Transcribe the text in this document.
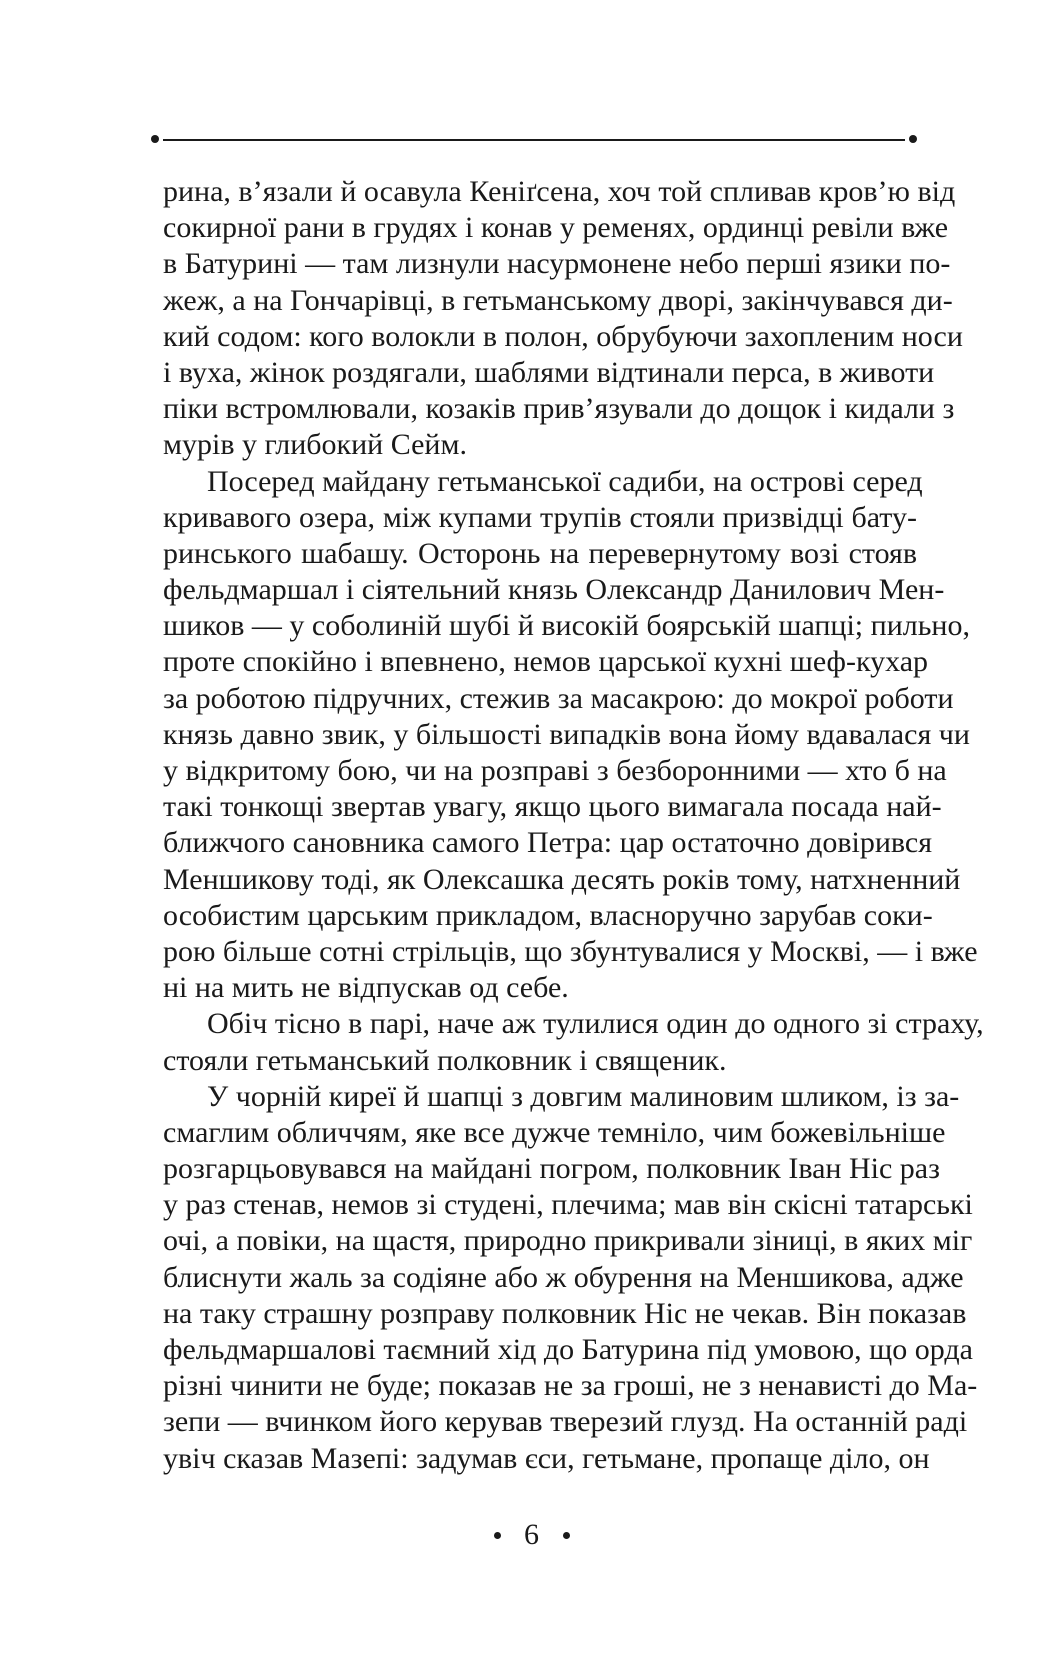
рина, в’язали й осавула Кеніґсена, хоч той спливав кров’ю від
сокирної рани в грудях і конав у ременях, ординці ревіли вже
в Батурині — там лизнули насурмонене небо перші язики по-
жеж, а на Гончарівці, в гетьманському дворі, закінчувався ди-
кий содом: кого волокли в полон, обрубуючи захопленим носи
і вуха, жінок роздягали, шаблями відтинали перса, в животи
піки встромлювали, козаків прив’язували до дощок і кидали з
мурів у глибокий Сейм.
Посеред майдану гетьманської садиби, на острові серед
кривавого озера, між купами трупів стояли призвідці бату-
ринського шабашу. Осторонь на перевернутому возі стояв
фельдмаршал і сіятельний князь Олександр Данилович Мен-
шиков — у соболиній шубі й високій боярській шапці; пильно,
проте спокійно і впевнено, немов царської кухні шеф-кухар
за роботою підручних, стежив за масакрою: до мокрої роботи
князь давно звик, у більшості випадків вона йому вдавалася чи
у відкритому бою, чи на розправі з безборонними — хто б на
такі тонкощі звертав увагу, якщо цього вимагала посада най-
ближчого сановника самого Петра: цар остаточно довірився
Меншикову тоді, як Олексашка десять років тому, натхненний
особистим царським прикладом, власноручно зарубав соки-
рою більше сотні стрільців, що збунтувалися у Москві, — і вже
ні на мить не відпускав од себе.
Обіч тісно в парі, наче аж тулилися один до одного зі страху,
стояли гетьманський полковник і священик.
У чорній киреї й шапці з довгим малиновим шликом, із за-
смаглим обличчям, яке все дужче темніло, чим божевільніше
розгарцьовувався на майдані погром, полковник Іван Ніс раз
у раз стенав, немов зі студені, плечима; мав він скісні татарські
очі, а повіки, на щастя, природно прикривали зіниці, в яких міг
блиснути жаль за содіяне або ж обурення на Меншикова, адже
на таку страшну розправу полковник Ніс не чекав. Він показав
фельдмаршалові таємний хід до Батурина під умовою, що орда
різні чинити не буде; показав не за гроші, не з ненависті до Ма-
зепи — вчинком його керував тверезий глузд. На останній раді
увіч сказав Мазепі: задумав єси, гетьмане, пропаще діло, он
6
